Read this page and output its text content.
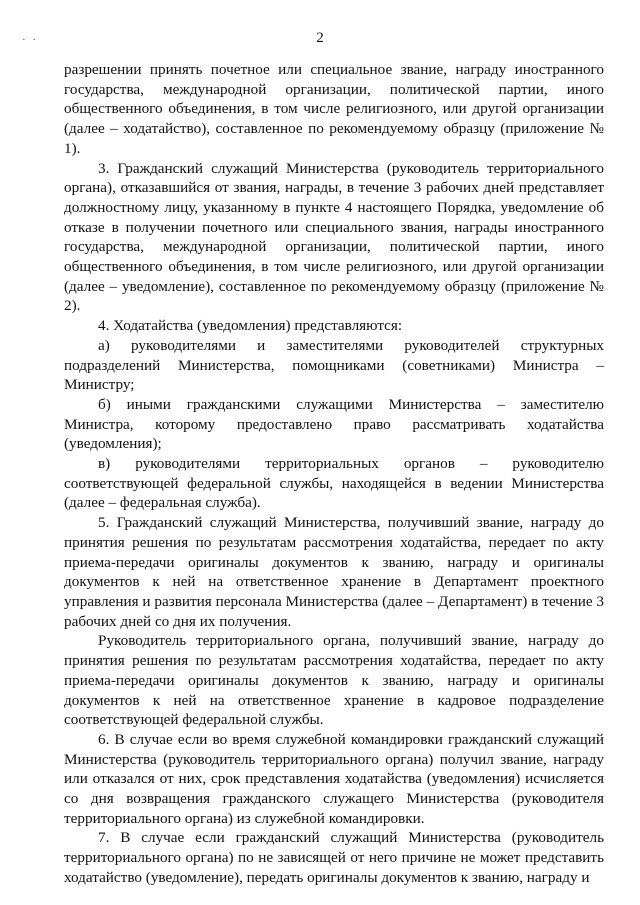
· ·	2

разрешении принять почетное или специальное звание, награду иностранного государства, международной организации, политической партии, иного общественного объединения, в том числе религиозного, или другой организации (далее – ходатайство), составленное по рекомендуемому образцу (приложение № 1).

3. Гражданский служащий Министерства (руководитель территориального органа), отказавшийся от звания, награды, в течение 3 рабочих дней представляет должностному лицу, указанному в пункте 4 настоящего Порядка, уведомление об отказе в получении почетного или специального звания, награды иностранного государства, международной организации, политической партии, иного общественного объединения, в том числе религиозного, или другой организации (далее – уведомление), составленное по рекомендуемому образцу (приложение № 2).

4. Ходатайства (уведомления) представляются:

а) руководителями и заместителями руководителей структурных подразделений Министерства, помощниками (советниками) Министра – Министру;

б) иными гражданскими служащими Министерства – заместителю Министра, которому предоставлено право рассматривать ходатайства (уведомления);

в) руководителями территориальных органов – руководителю соответствующей федеральной службы, находящейся в ведении Министерства (далее – федеральная служба).

5. Гражданский служащий Министерства, получивший звание, награду до принятия решения по результатам рассмотрения ходатайства, передает по акту приема-передачи оригиналы документов к званию, награду и оригиналы документов к ней на ответственное хранение в Департамент проектного управления и развития персонала Министерства (далее – Департамент) в течение 3 рабочих дней со дня их получения.

Руководитель территориального органа, получивший звание, награду до принятия решения по результатам рассмотрения ходатайства, передает по акту приема-передачи оригиналы документов к званию, награду и оригиналы документов к ней на ответственное хранение в кадровое подразделение соответствующей федеральной службы.

6. В случае если во время служебной командировки гражданский служащий Министерства (руководитель территориального органа) получил звание, награду или отказался от них, срок представления ходатайства (уведомления) исчисляется со дня возвращения гражданского служащего Министерства (руководителя территориального органа) из служебной командировки.

7. В случае если гражданский служащий Министерства (руководитель территориального органа) по не зависящей от него причине не может представить ходатайство (уведомление), передать оригиналы документов к званию, награду и
